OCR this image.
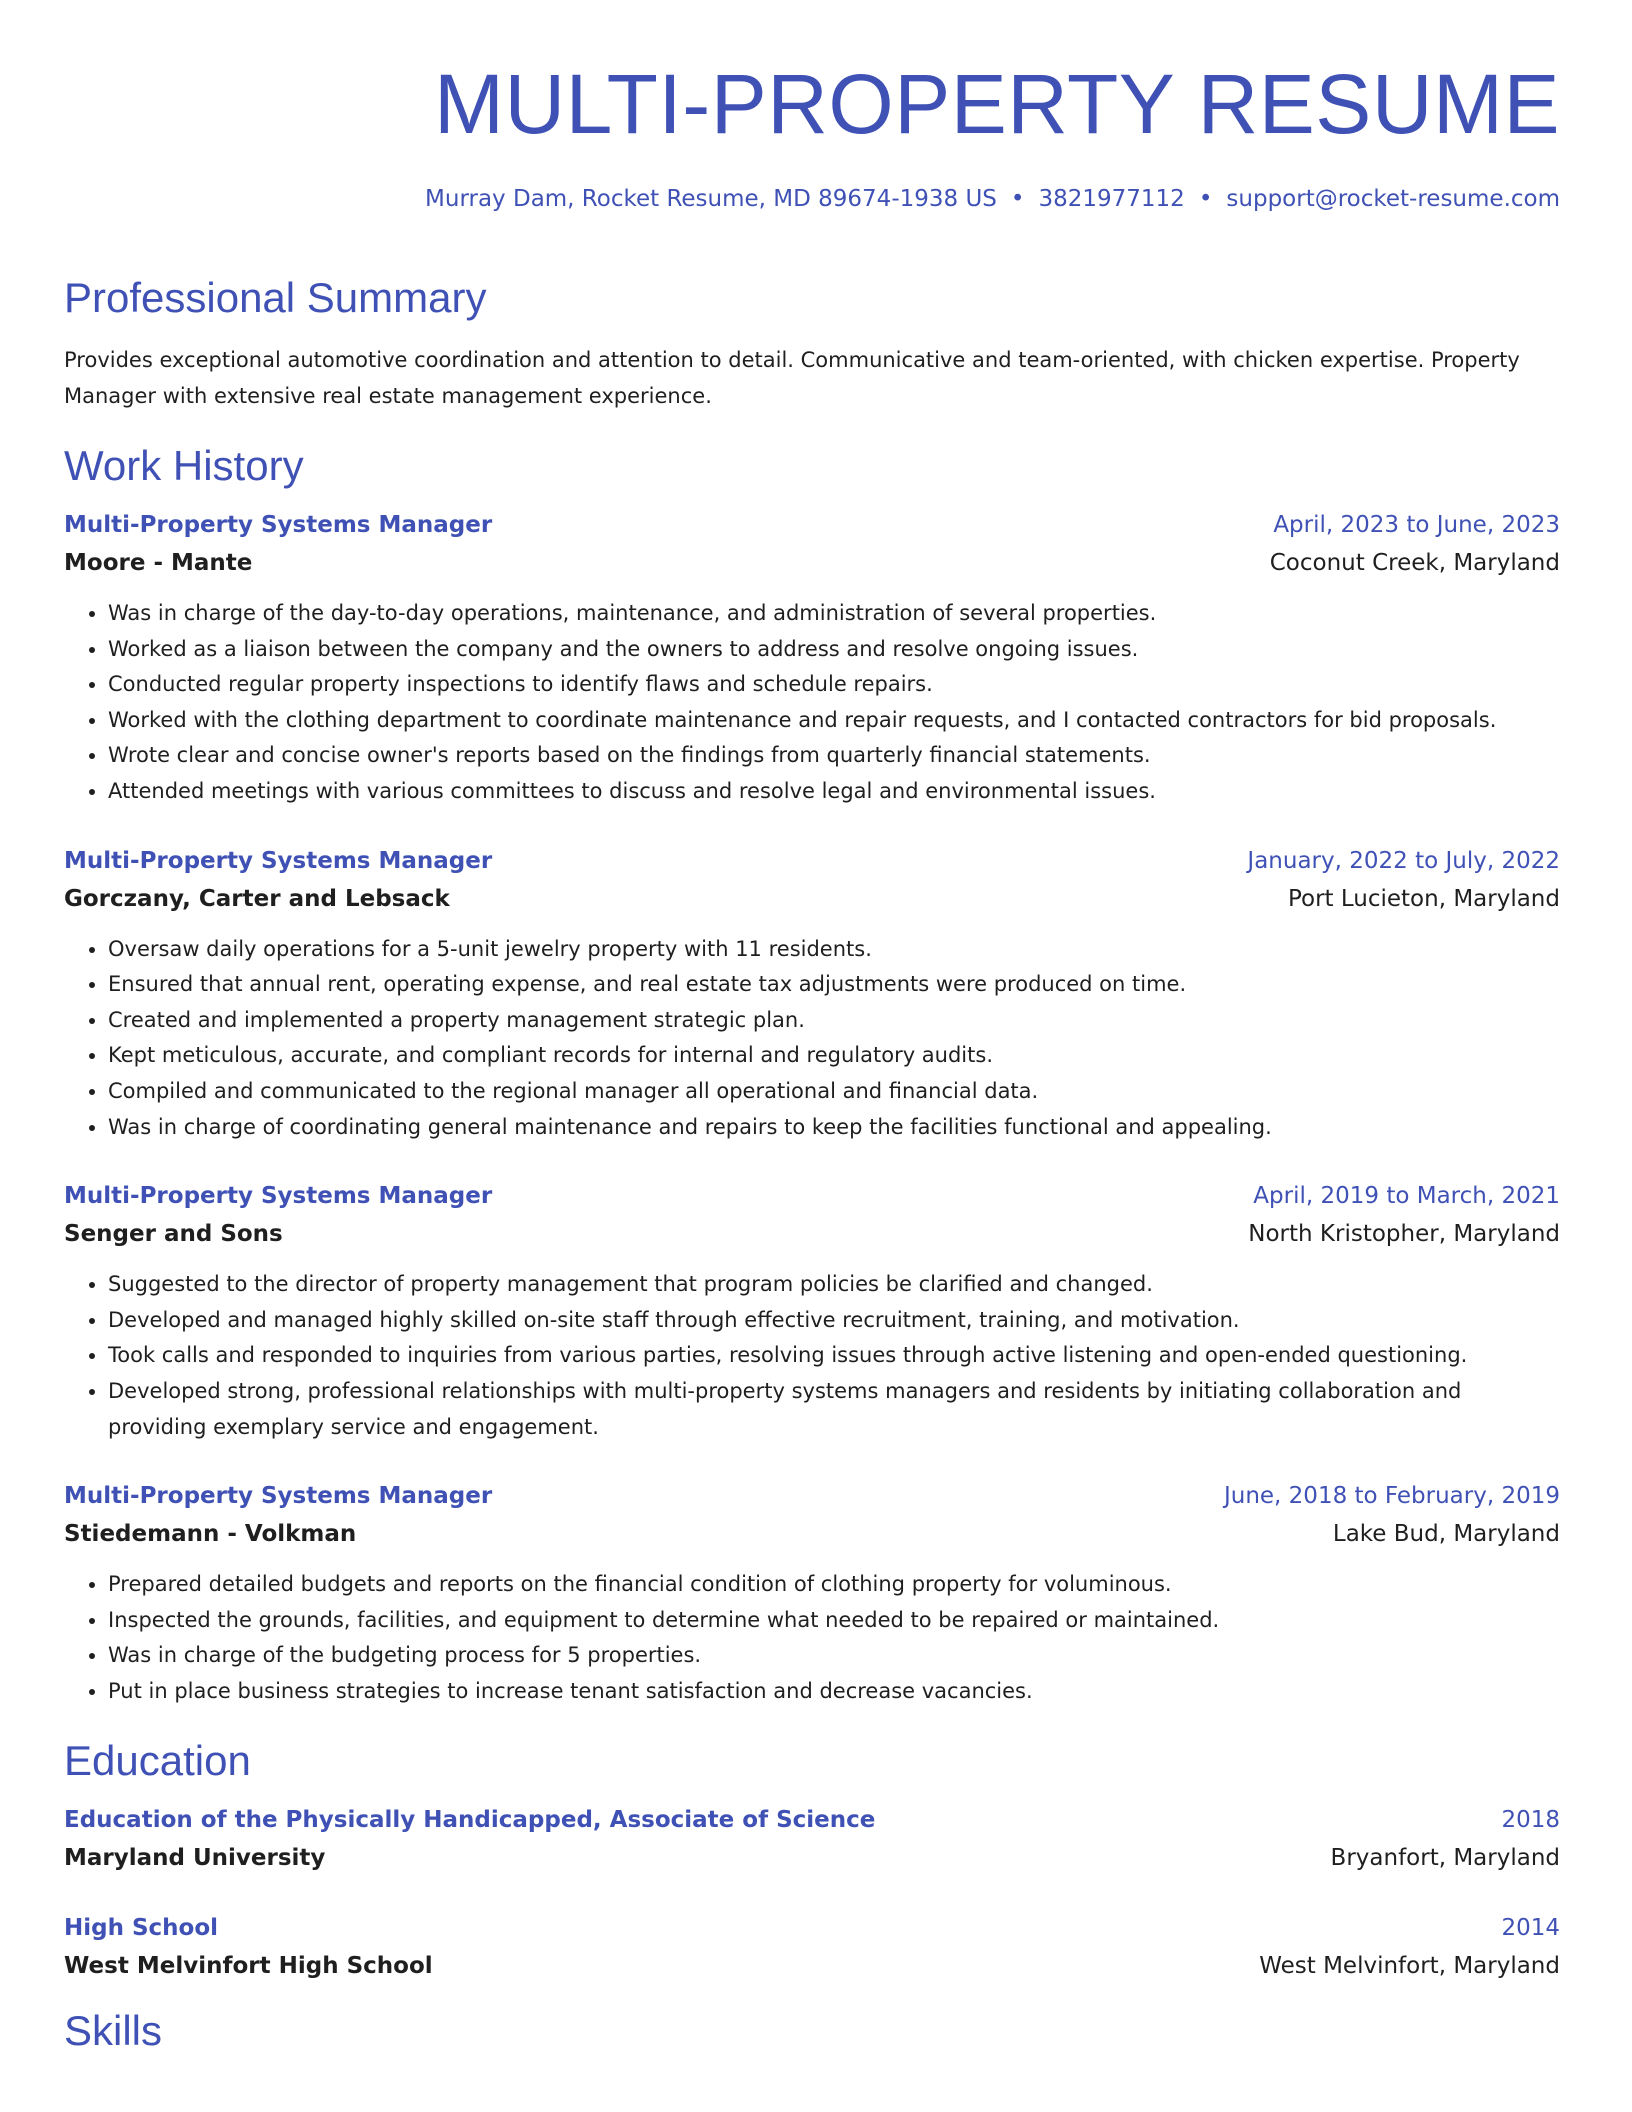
MULTI-PROPERTY RESUME
Murray Dam, Rocket Resume, MD 89674-1938 US • 3821977112 • support@rocket-resume.com
Professional Summary
Provides exceptional automotive coordination and attention to detail. Communicative and team-oriented, with chicken expertise. Property Manager with extensive real estate management experience.
Work History
Multi-Property Systems Manager	April, 2023 to June, 2023
Moore - Mante	Coconut Creek, Maryland
• Was in charge of the day-to-day operations, maintenance, and administration of several properties.
• Worked as a liaison between the company and the owners to address and resolve ongoing issues.
• Conducted regular property inspections to identify flaws and schedule repairs.
• Worked with the clothing department to coordinate maintenance and repair requests, and I contacted contractors for bid proposals.
• Wrote clear and concise owner's reports based on the findings from quarterly financial statements.
• Attended meetings with various committees to discuss and resolve legal and environmental issues.
Multi-Property Systems Manager	January, 2022 to July, 2022
Gorczany, Carter and Lebsack	Port Lucieton, Maryland
• Oversaw daily operations for a 5-unit jewelry property with 11 residents.
• Ensured that annual rent, operating expense, and real estate tax adjustments were produced on time.
• Created and implemented a property management strategic plan.
• Kept meticulous, accurate, and compliant records for internal and regulatory audits.
• Compiled and communicated to the regional manager all operational and financial data.
• Was in charge of coordinating general maintenance and repairs to keep the facilities functional and appealing.
Multi-Property Systems Manager	April, 2019 to March, 2021
Senger and Sons	North Kristopher, Maryland
• Suggested to the director of property management that program policies be clarified and changed.
• Developed and managed highly skilled on-site staff through effective recruitment, training, and motivation.
• Took calls and responded to inquiries from various parties, resolving issues through active listening and open-ended questioning.
• Developed strong, professional relationships with multi-property systems managers and residents by initiating collaboration and providing exemplary service and engagement.
Multi-Property Systems Manager	June, 2018 to February, 2019
Stiedemann - Volkman	Lake Bud, Maryland
• Prepared detailed budgets and reports on the financial condition of clothing property for voluminous.
• Inspected the grounds, facilities, and equipment to determine what needed to be repaired or maintained.
• Was in charge of the budgeting process for 5 properties.
• Put in place business strategies to increase tenant satisfaction and decrease vacancies.
Education
Education of the Physically Handicapped, Associate of Science	2018
Maryland University	Bryanfort, Maryland
High School	2014
West Melvinfort High School	West Melvinfort, Maryland
Skills
